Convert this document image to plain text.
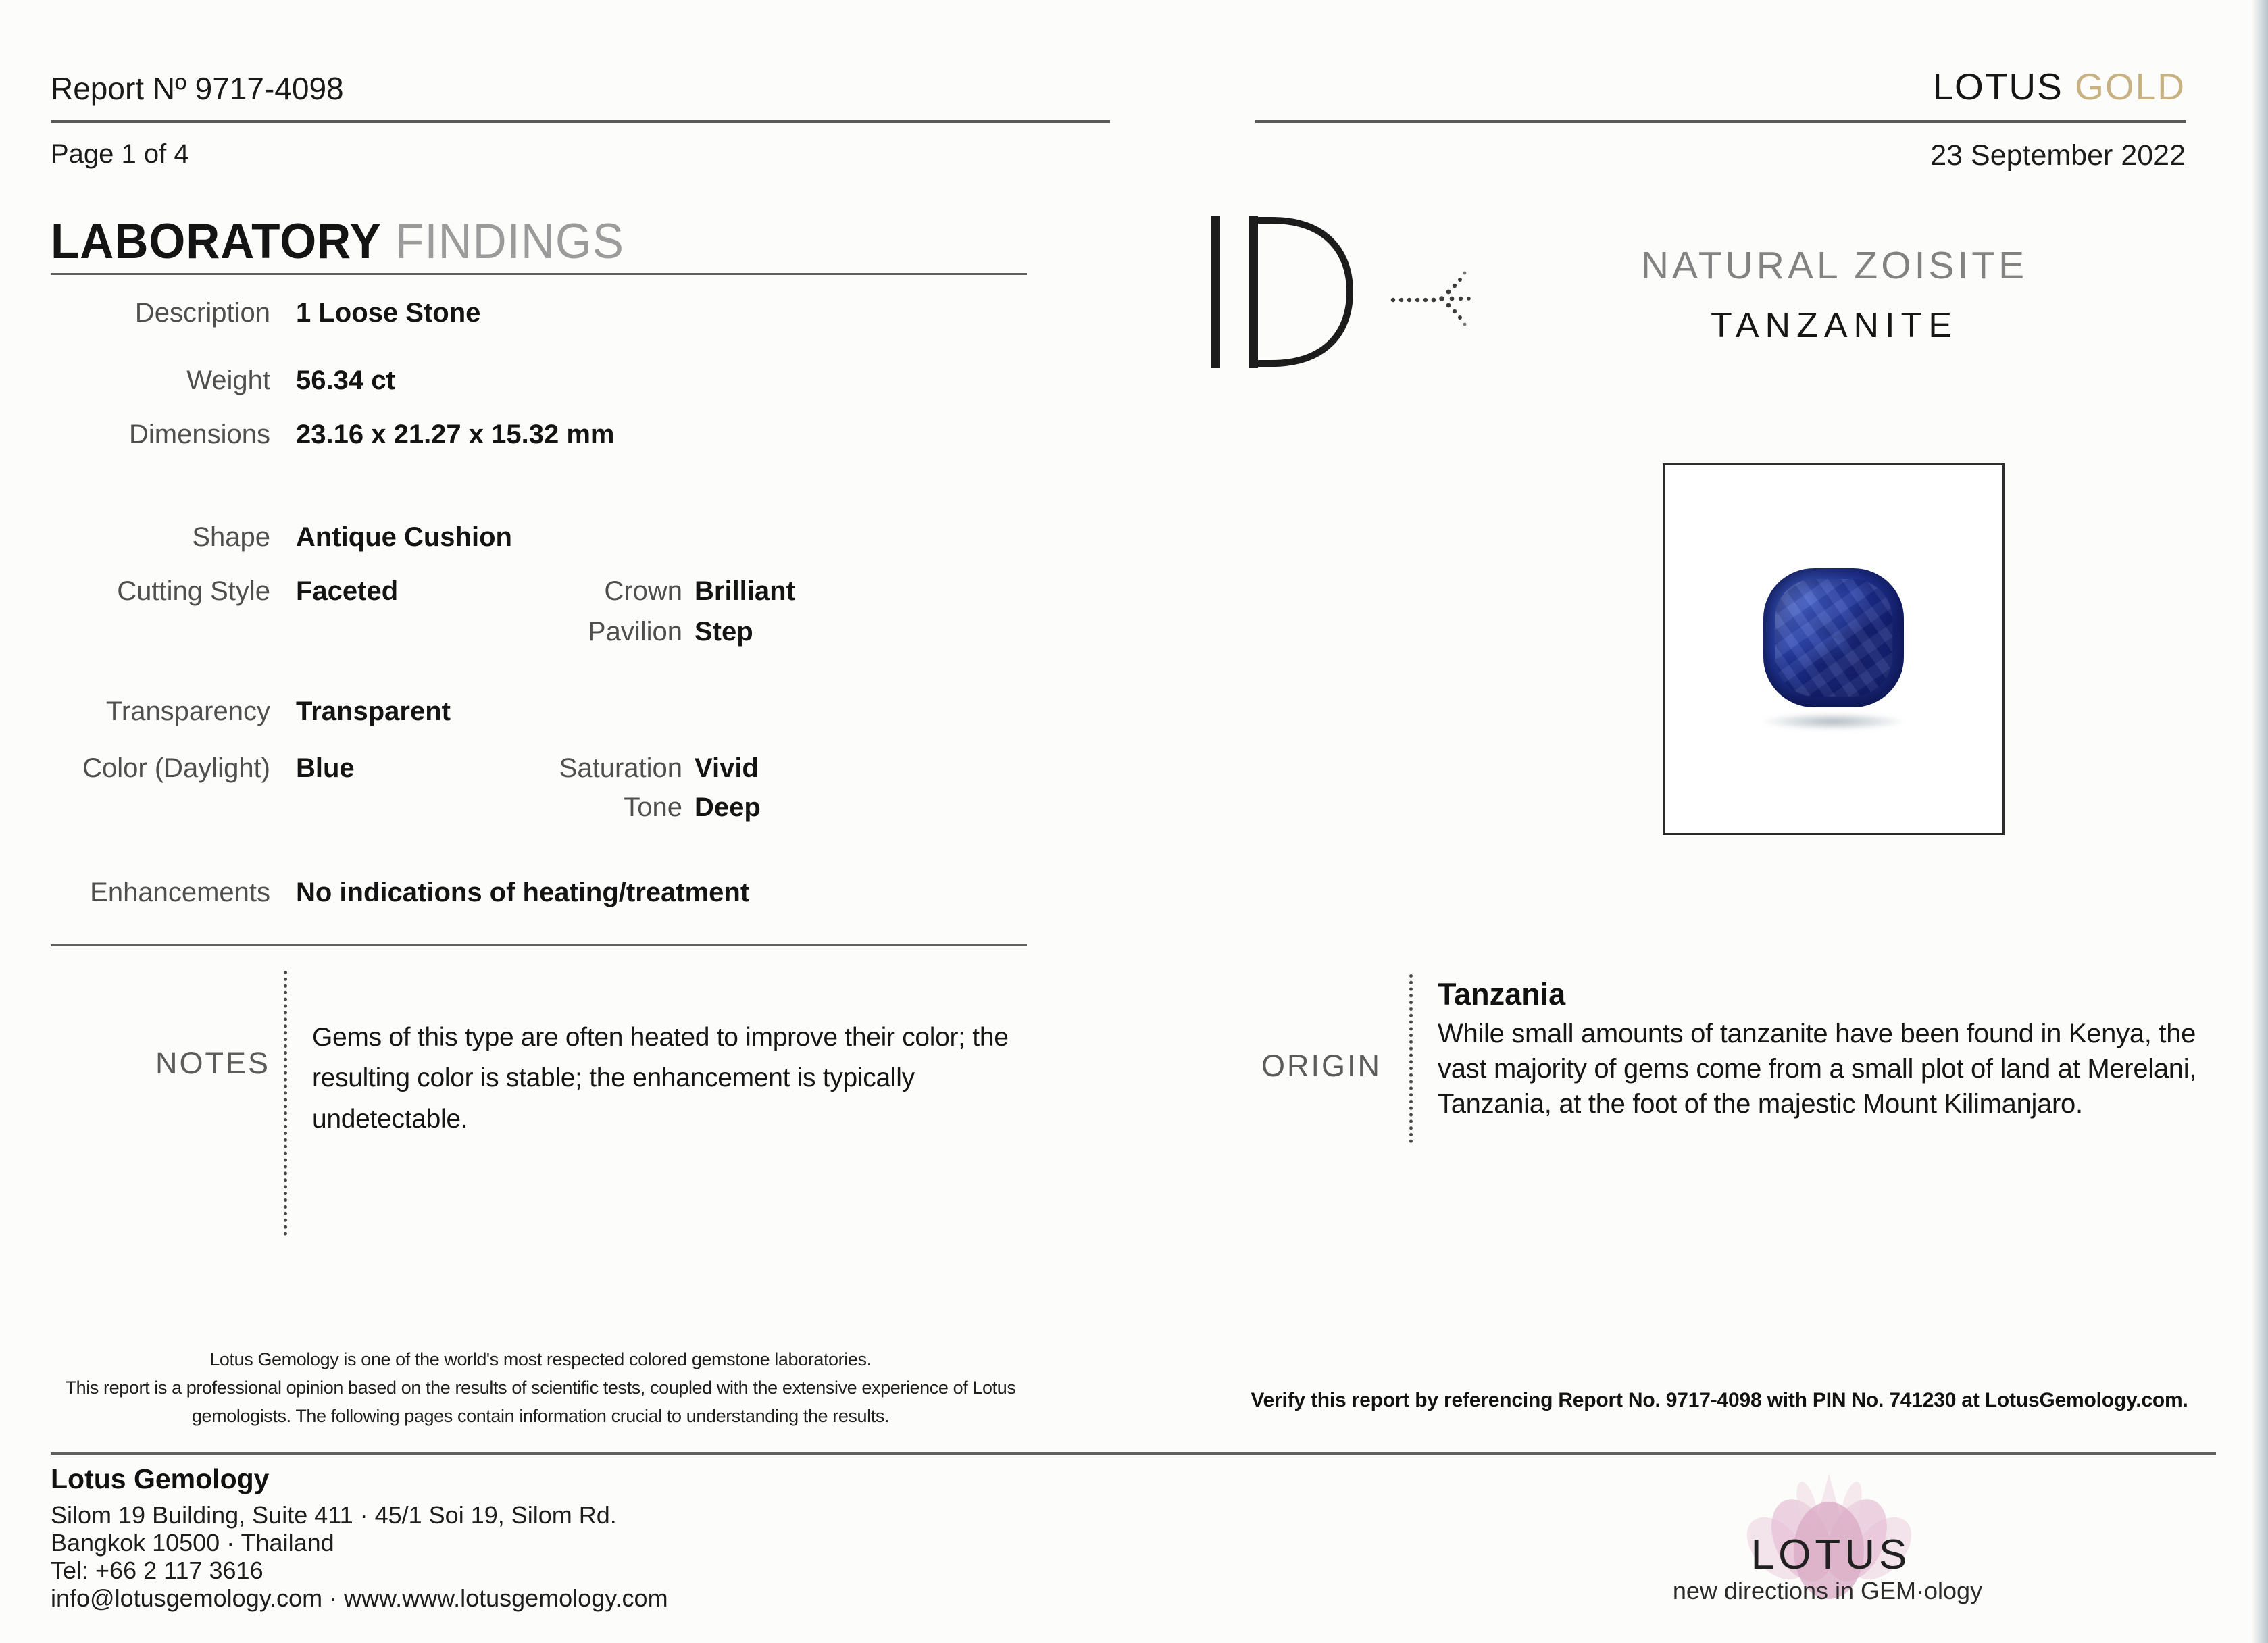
Report Nº 9717-4098
Page 1 of 4
LOTUS GOLD
23 September 2022
LABORATORY FINDINGS
Description 1 Loose Stone
Weight 56.34 ct
Dimensions 23.16 x 21.27 x 15.32 mm
Shape Antique Cushion
Cutting Style Faceted	Crown Brilliant
Pavilion Step
Transparency Transparent
Color (Daylight) Blue	Saturation Vivid
Tone Deep
Enhancements No indications of heating/treatment
NOTES
Gems of this type are often heated to improve their color; the resulting color is stable; the enhancement is typically undetectable.
Lotus Gemology is one of the world's most respected colored gemstone laboratories.
This report is a professional opinion based on the results of scientific tests, coupled with the extensive experience of Lotus
gemologists. The following pages contain information crucial to understanding the results.
Lotus Gemology
Silom 19 Building, Suite 411 · 45/1 Soi 19, Silom Rd.
Bangkok 10500 · Thailand
Tel: +66 2 117 3616
info@lotusgemology.com · www.www.lotusgemology.com
NATURAL ZOISITE
TANZANITE
ORIGIN
Tanzania
While small amounts of tanzanite have been found in Kenya, the vast majority of gems come from a small plot of land at Merelani, Tanzania, at the foot of the majestic Mount Kilimanjaro.
Verify this report by referencing Report No. 9717-4098 with PIN No. 741230 at LotusGemology.com.
LOTUS
new directions in GEM·ology
